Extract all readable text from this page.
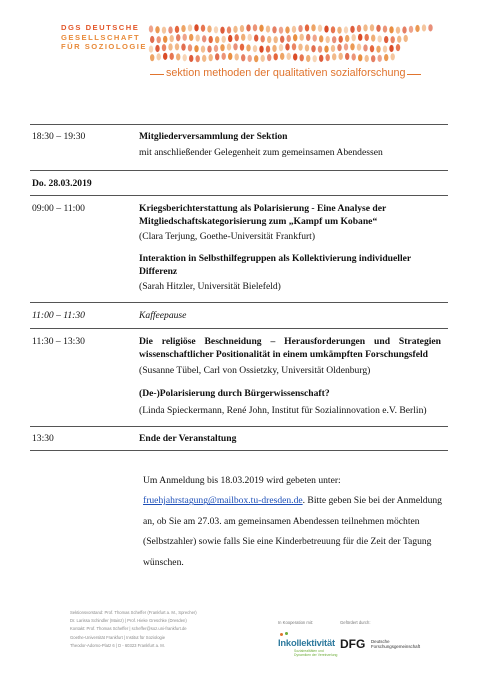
DGS DEUTSCHE
GESELLSCHAFT
FÜR SOZIOLOGIE
sektion methoden der qualitativen sozialforschung
18:30 – 19:30	Mitgliederversammlung der Sektion
mit anschließender Gelegenheit zum gemeinsamen Abendessen
Do. 28.03.2019
09:00 – 11:00	Kriegsberichterstattung als Polarisierung - Eine Analyse der Mitgliedschaftskategorisierung zum „Kampf um Kobane“
(Clara Terjung, Goethe-Universität Frankfurt)
Interaktion in Selbsthilfegruppen als Kollektivierung individueller Differenz
(Sarah Hitzler, Universität Bielefeld)
11:00 – 11:30	Kaffeepause
11:30 – 13:30	Die religiöse Beschneidung – Herausforderungen und Strategien wissenschaftlicher Positionalität in einem umkämpften Forschungsfeld
(Susanne Tübel, Carl von Ossietzky, Universität Oldenburg)
(De-)Polarisierung durch Bürgerwissenschaft?
(Linda Spieckermann, René John, Institut für Sozialinnovation e.V. Berlin)
13:30	Ende der Veranstaltung
Um Anmeldung bis 18.03.2019 wird gebeten unter:
fruehjahrstagung@mailbox.tu-dresden.de. Bitte geben Sie bei der Anmeldung an, ob Sie am 27.03. am gemeinsamen Abendessen teilnehmen möchten (Selbstzahler) sowie falls Sie eine Kinderbetreuung für die Zeit der Tagung wünschen.
Sektionsvorstand: Prof. Thomas Scheffer (Frankfurt a. M., Sprecher)
Dr. Larissa Schindler (Mainz) | Prof. Hieke Greschke (Dresden)
Kontakt: Prof. Thomas Scheffer | scheffer@soz.uni-frankfurt.de
Goethe-Universität Frankfurt | Institut für Soziologie
Theodor-Adorno-Platz 6 | D - 60323 Frankfurt a. M.
In Kooperation mit:	Gefördert durch:
Inkollektivität
Sozialrealitäten und Dynamiken der Vereinzelung
DFG Deutsche
Forschungsgemeinschaft
